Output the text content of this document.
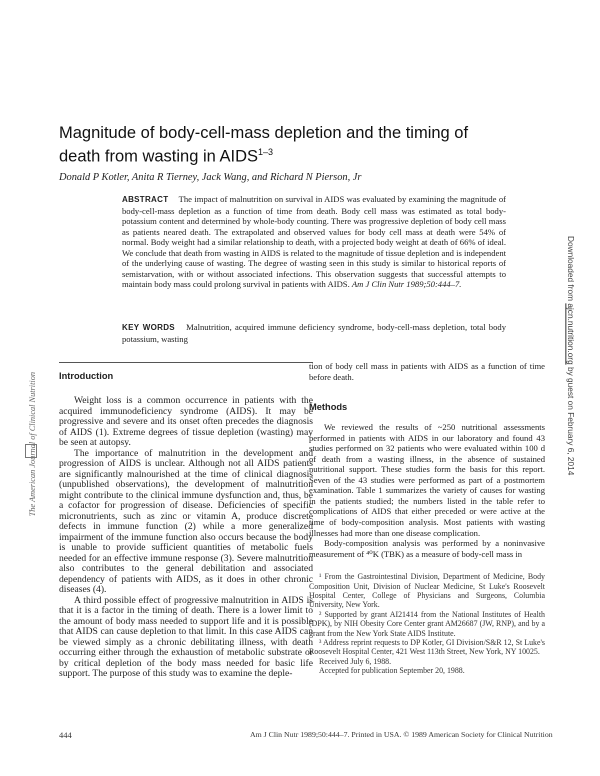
Magnitude of body-cell-mass depletion and the timing of death from wasting in AIDS$^{1-3}$
Donald P Kotler, Anita R Tierney, Jack Wang, and Richard N Pierson, Jr
ABSTRACT The impact of malnutrition on survival in AIDS was evaluated by examining the magnitude of body-cell-mass depletion as a function of time from death. Body cell mass was estimated as total body-potassium content and determined by whole-body counting. There was progressive depletion of body cell mass as patients neared death. The extrapolated and observed values for body cell mass at death were 54% of normal. Body weight had a similar relationship to death, with a projected body weight at death of 66% of ideal. We conclude that death from wasting in AIDS is related to the magnitude of tissue depletion and is independent of the underlying cause of wasting. The degree of wasting seen in this study is similar to historical reports of semistarvation, with or without associated infections. This observation suggests that successful attempts to maintain body mass could prolong survival in patients with AIDS. Am J Clin Nutr 1989;50:444–7.
KEY WORDS Malnutrition, acquired immune deficiency syndrome, body-cell-mass depletion, total body potassium, wasting
Introduction

Weight loss is a common occurrence in patients with the acquired immunodeficiency syndrome (AIDS). It may be progressive and severe and its onset often precedes the diagnosis of AIDS (1). Extreme degrees of tissue depletion (wasting) may be seen at autopsy.

The importance of malnutrition in the development and progression of AIDS is unclear. Although not all AIDS patients are significantly malnourished at the time of clinical diagnosis (unpublished observations), the development of malnutrition might contribute to the clinical immune dysfunction and, thus, be a cofactor for progression of disease. Deficiencies of specific micronutrients, such as zinc or vitamin A, produce discrete defects in immune function (2) while a more generalized impairment of the immune function also occurs because the body is unable to provide sufficient quantities of metabolic fuels needed for an effective immune response (3). Severe malnutrition also contributes to the general debilitation and associated dependency of patients with AIDS, as it does in other chronic diseases (4).

A third possible effect of progressive malnutrition in AIDS is that it is a factor in the timing of death. There is a lower limit to the amount of body mass needed to support life and it is possible that AIDS can cause depletion to that limit. In this case AIDS can be viewed simply as a chronic debilitating illness, with death occurring either through the exhaustion of metabolic substrate or by critical depletion of the body mass needed for basic life support. The purpose of this study was to examine the deple-

tion of body cell mass in patients with AIDS as a function of time before death.
Methods

We reviewed the results of ~250 nutritional assessments performed in patients with AIDS in our laboratory and found 43 studies performed on 32 patients who were evaluated within 100 d of death from a wasting illness, in the absence of sustained nutritional support. These studies form the basis for this report. Seven of the 43 studies were performed as part of a postmortem examination. Table 1 summarizes the variety of causes for wasting in the patients studied; the numbers listed in the table refer to complications of AIDS that either preceded or were active at the time of body-composition analysis. Most patients with wasting illnesses had more than one disease complication.

Body-composition analysis was performed by a noninvasive measurement of ⁴⁰K (TBK) as a measure of body-cell mass in

¹ From the Gastrointestinal Division, Department of Medicine, Body Composition Unit, Division of Nuclear Medicine, St Luke's Roosevelt Hospital Center, College of Physicians and Surgeons, Columbia University, New York.

² Supported by grant AI21414 from the National Institutes of Health (DPK), by NIH Obesity Core Center grant AM26687 (JW, RNP), and by a grant from the New York State AIDS Institute.

³ Address reprint requests to DP Kotler, GI Division/S&R 12, St Luke's Roosevelt Hospital Center, 421 West 113th Street, New York, NY 10025.

Received July 6, 1988.

Accepted for publication September 20, 1988.

444	Am J Clin Nutr 1989;50:444–7. Printed in USA. © 1989 American Society for Clinical Nutrition
The American Journal of Clinical Nutrition
Downloaded from ajcn.nutrition.org by guest on February 6, 2014
